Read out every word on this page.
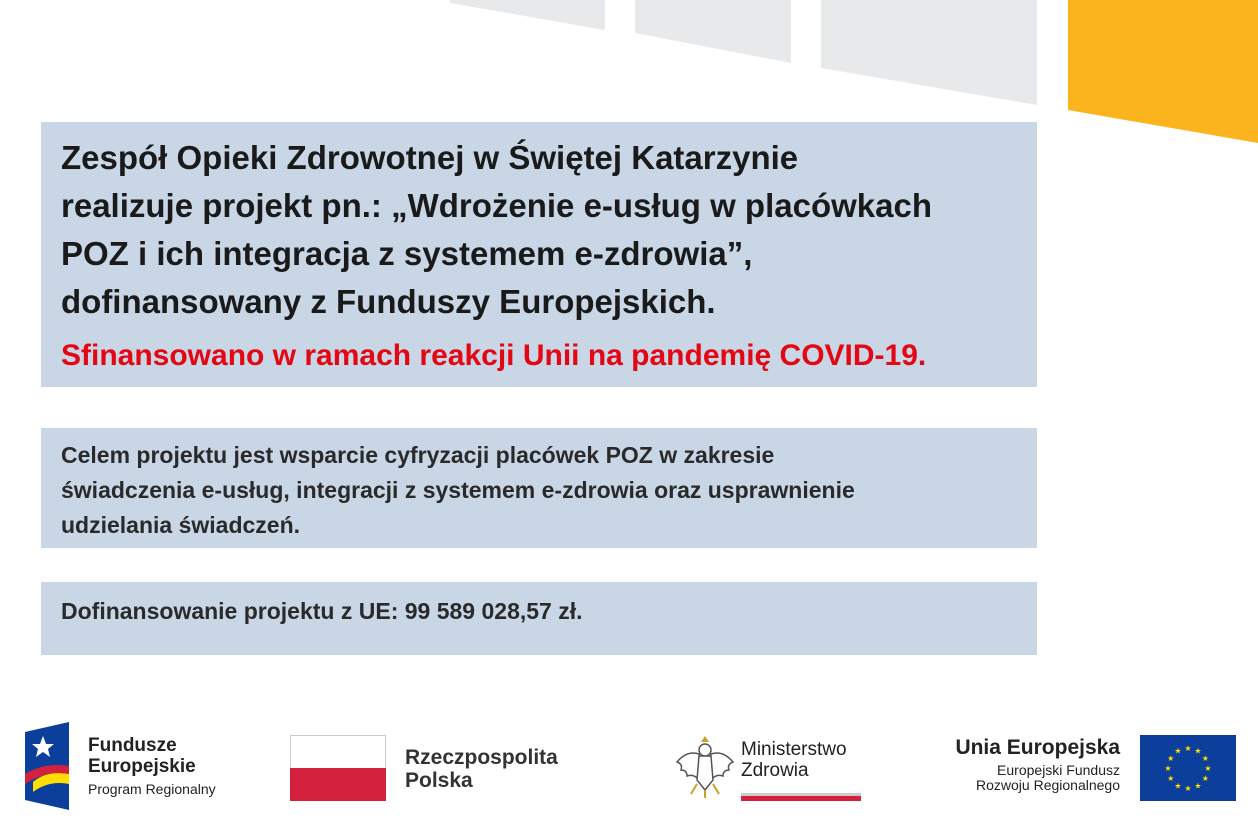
Zespół Opieki Zdrowotnej w Świętej Katarzynie
realizuje projekt pn.: „Wdrożenie e-usług w placówkach
POZ i ich integracja z systemem e-zdrowia”,
dofinansowany z Funduszy Europejskich.

Sfinansowano w ramach reakcji Unii na pandemię COVID-19.

Celem projektu jest wsparcie cyfryzacji placówek POZ w zakresie
świadczenia e-usług, integracji z systemem e-zdrowia oraz usprawnienie
udzielania świadczeń.

Dofinansowanie projektu z UE: 99 589 028,57 zł.

Fundusze
Europejskie
Program Regionalny
Rzeczpospolita
Polska
Ministerstwo
Zdrowia
Unia Europejska
Europejski Fundusz
Rozwoju Regionalnego
★ ★
★
★
★
★
★
★
★
★
★
★
